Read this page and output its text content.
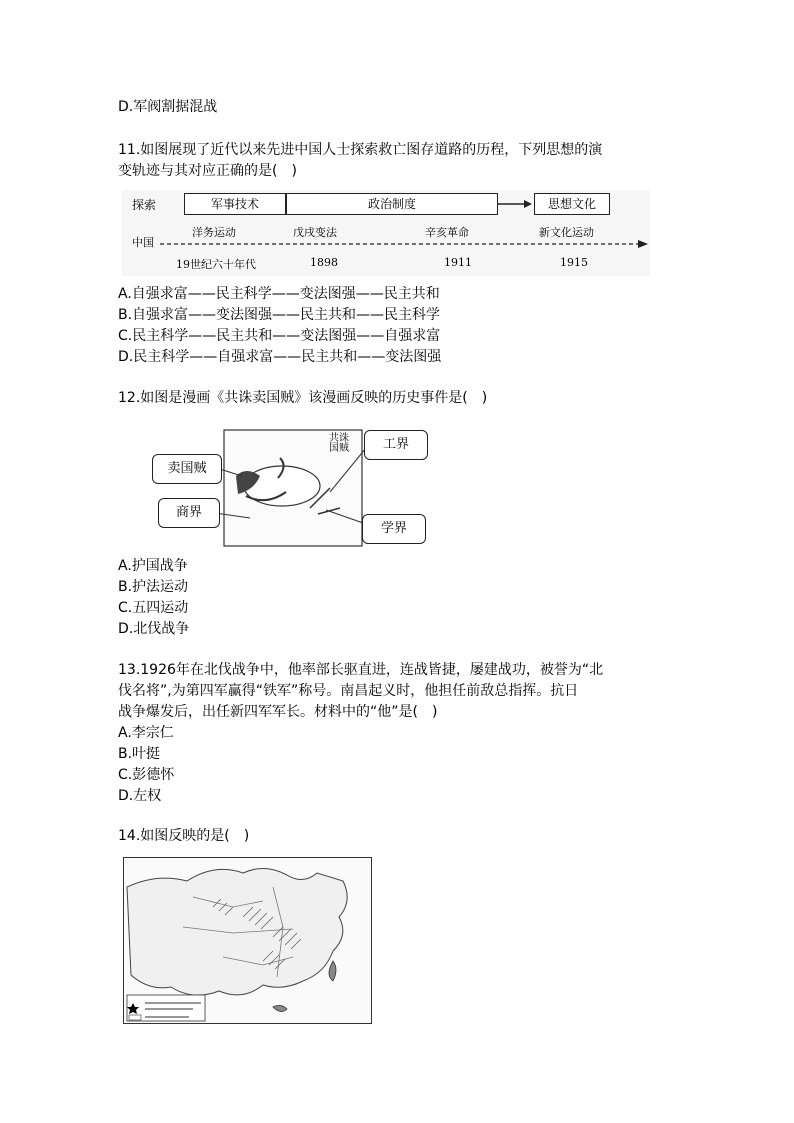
D.军阀割据混战
11.如图展现了近代以来先进中国人士探索救亡图存道路的历程，下列思想的演
变轨迹与其对应正确的是(　)
探索
中国
军事技术	政治制度	思想文化
洋务运动	戊戌变法	辛亥革命	新文化运动
19世纪六十年代	1898	1911	1915
A.自强求富——民主科学——变法图强——民主共和
B.自强求富——变法图强——民主共和——民主科学
C.民主科学——民主共和——变法图强——自强求富
D.民主科学——自强求富——民主共和——变法图强
12.如图是漫画《共诛卖国贼》该漫画反映的历史事件是(　)
共诛国贼
卖国贼
商界
工界
学界
A.护国战争
B.护法运动
C.五四运动
D.北伐战争
13.1926年在北伐战争中，他率部长驱直进，连战皆捷，屡建战功，被誉为“北
伐名将”,为第四军赢得“铁军”称号。南昌起义时，他担任前敌总指挥。抗日
战争爆发后，出任新四军军长。材料中的“他”是(　)
A.李宗仁
B.叶挺
C.彭德怀
D.左权
14.如图反映的是(　)
